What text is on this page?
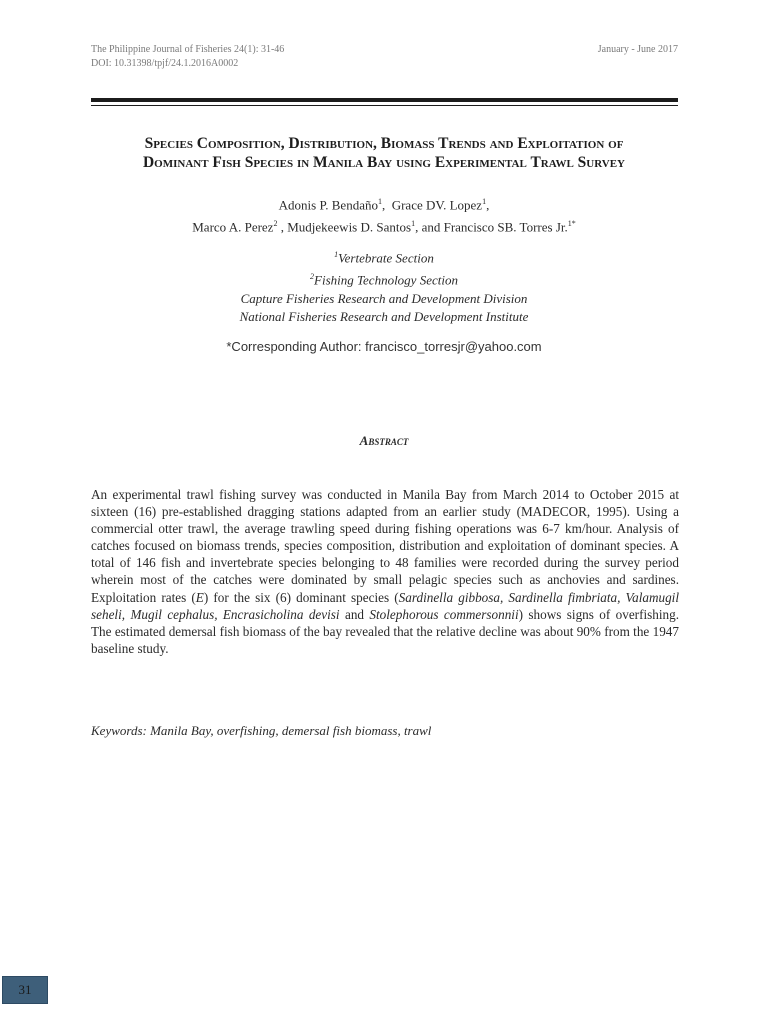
The Philippine Journal of Fisheries 24(1): 31-46
DOI: 10.31398/tpjf/24.1.2016A0002
January - June 2017
Species Composition, Distribution, Biomass Trends and Exploitation of
Dominant Fish Species in Manila Bay using Experimental Trawl Survey
Adonis P. Bendaño$^1$,  Grace DV. Lopez$^1$,
Marco A. Perez$^2$ , Mudjekeewis D. Santos$^1$, and Francisco SB. Torres Jr.$^{1*}$
$^1$Vertebrate Section
$^2$Fishing Technology Section
Capture Fisheries Research and Development Division
National Fisheries Research and Development Institute
*Corresponding Author: francisco_torresjr@yahoo.com
Abstract
An experimental trawl fishing survey was conducted in Manila Bay from March 2014 to October 2015 at sixteen (16) pre-established dragging stations adapted from an earlier study (MADECOR, 1995). Using a commercial otter trawl, the average trawling speed during fishing operations was 6-7 km/hour. Analysis of catches focused on biomass trends, species composition, distribution and exploitation of dominant species. A total of 146 fish and invertebrate species belonging to 48 families were recorded during the survey period wherein most of the catches were dominated by small pelagic species such as anchovies and sardines. Exploitation rates (E) for the six (6) dominant species (Sardinella gibbosa, Sardinella fimbriata, Valamugil seheli, Mugil cephalus, Encrasicholina devisi and Stolephorous commersonnii) shows signs of overfishing. The estimated demersal fish biomass of the bay revealed that the relative decline was about 90% from the 1947 baseline study.
Keywords: Manila Bay, overfishing, demersal fish biomass, trawl
31
